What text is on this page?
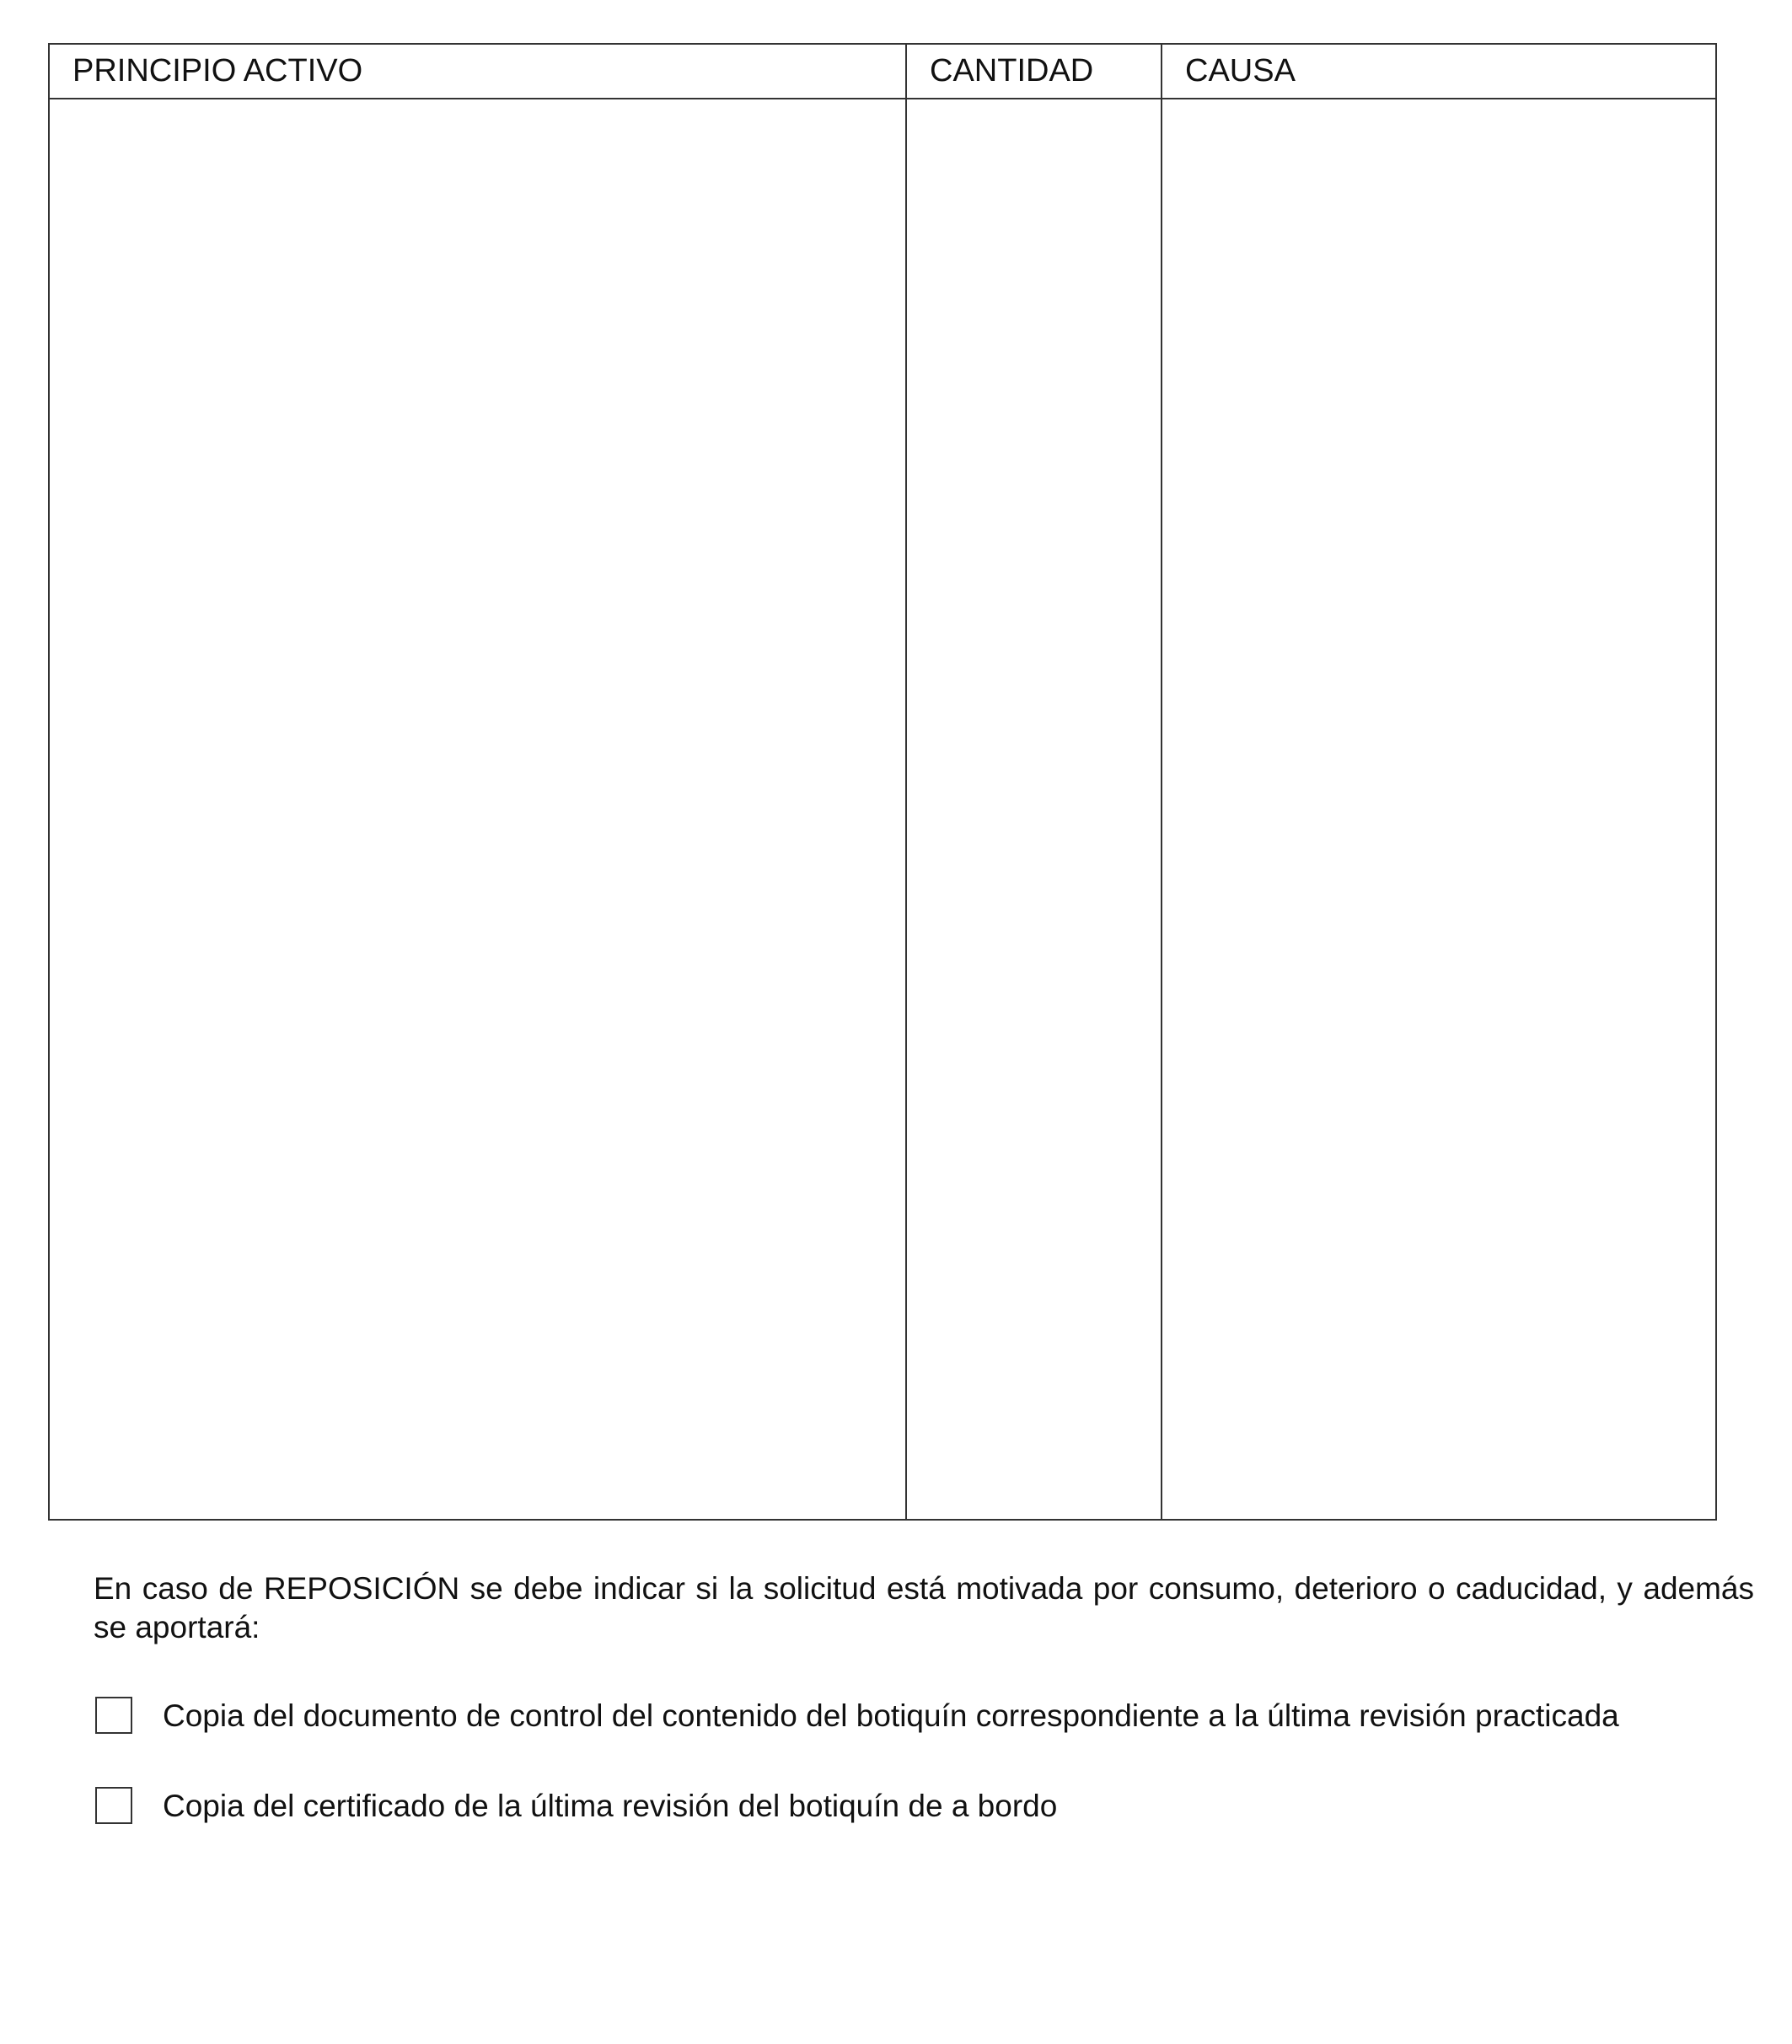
PRINCIPIO ACTIVO	CANTIDAD	CAUSA
En caso de REPOSICIÓN se debe indicar si la solicitud está motivada por consumo, deterioro o caducidad, y además se aportará:
Copia del documento de control del contenido del botiquín correspondiente a la última revisión practicada
Copia del certificado de la última revisión del botiquín de a bordo
